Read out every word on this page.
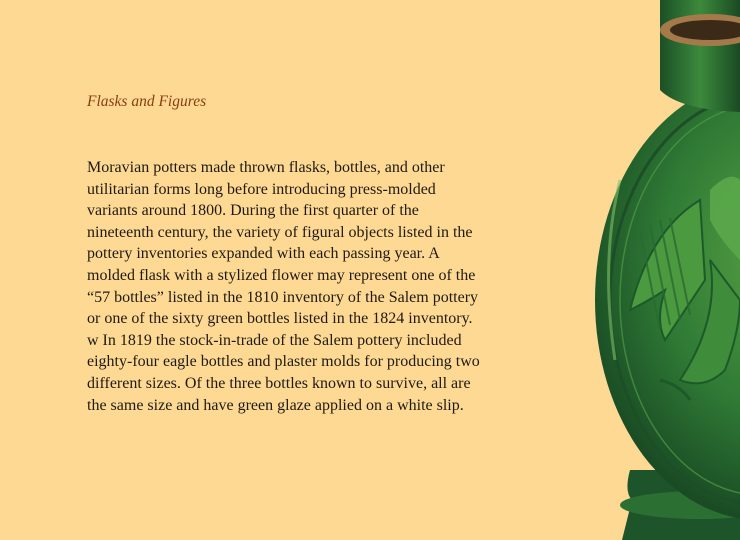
Flasks and Figures

Moravian potters made thrown flasks, bottles, and other utilitarian forms long before introducing press-molded variants around 1800. During the first quarter of the nineteenth century, the variety of figural objects listed in the pottery inventories expanded with each passing year. A molded flask with a stylized flower may represent one of the “57 bottles” listed in the 1810 inventory of the Salem pottery or one of the sixty green bottles listed in the 1824 inventory. w In 1819 the stock-in-trade of the Salem pottery included eighty-four eagle bottles and plaster molds for producing two different sizes. Of the three bottles known to survive, all are the same size and have green glaze applied on a white slip.
